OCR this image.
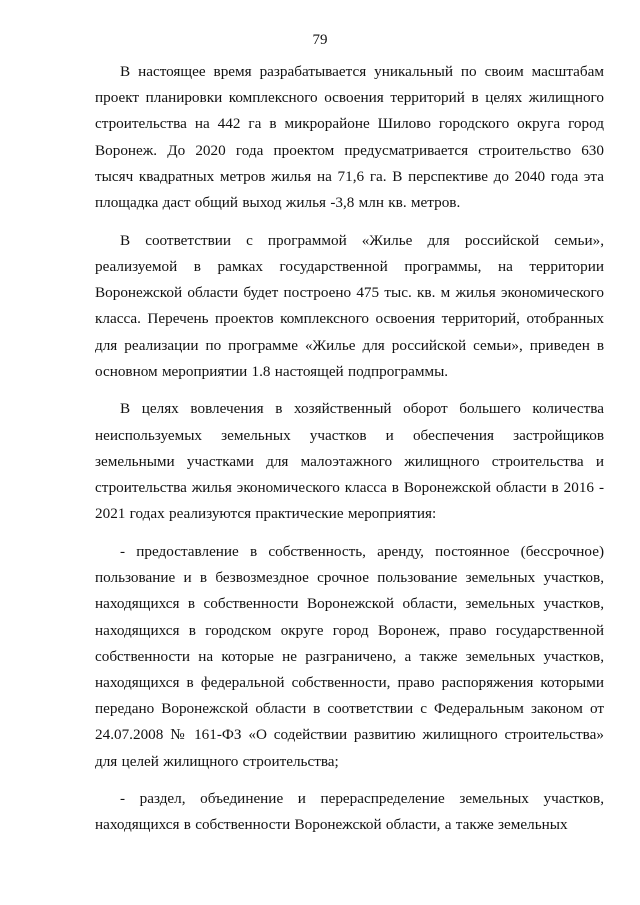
79

В настоящее время разрабатывается уникальный по своим масштабам проект планировки комплексного освоения территорий в целях жилищного строительства на 442 га в микрорайоне Шилово городского округа город Воронеж. До 2020 года проектом предусматривается строительство 630 тысяч квадратных метров жилья на 71,6 га. В перспективе до 2040 года эта площадка даст общий выход жилья -3,8 млн кв. метров.

В соответствии с программой «Жилье для российской семьи», реализуемой в рамках государственной программы, на территории Воронежской области будет построено 475 тыс. кв. м жилья экономического класса. Перечень проектов комплексного освоения территорий, отобранных для реализации по программе «Жилье для российской семьи», приведен в основном мероприятии 1.8 настоящей подпрограммы.

В целях вовлечения в хозяйственный оборот большего количества неиспользуемых земельных участков и обеспечения застройщиков земельными участками для малоэтажного жилищного строительства и строительства жилья экономического класса в Воронежской области в 2016 - 2021 годах реализуются практические мероприятия:

- предоставление в собственность, аренду, постоянное (бессрочное) пользование и в безвозмездное срочное пользование земельных участков, находящихся в собственности Воронежской области, земельных участков, находящихся в городском округе город Воронеж, право государственной собственности на которые не разграничено, а также земельных участков, находящихся в федеральной собственности, право распоряжения которыми передано Воронежской области в соответствии с Федеральным законом от 24.07.2008 № 161-ФЗ «О содействии развитию жилищного строительства» для целей жилищного строительства;

- раздел, объединение и перераспределение земельных участков, находящихся в собственности Воронежской области, а также земельных
